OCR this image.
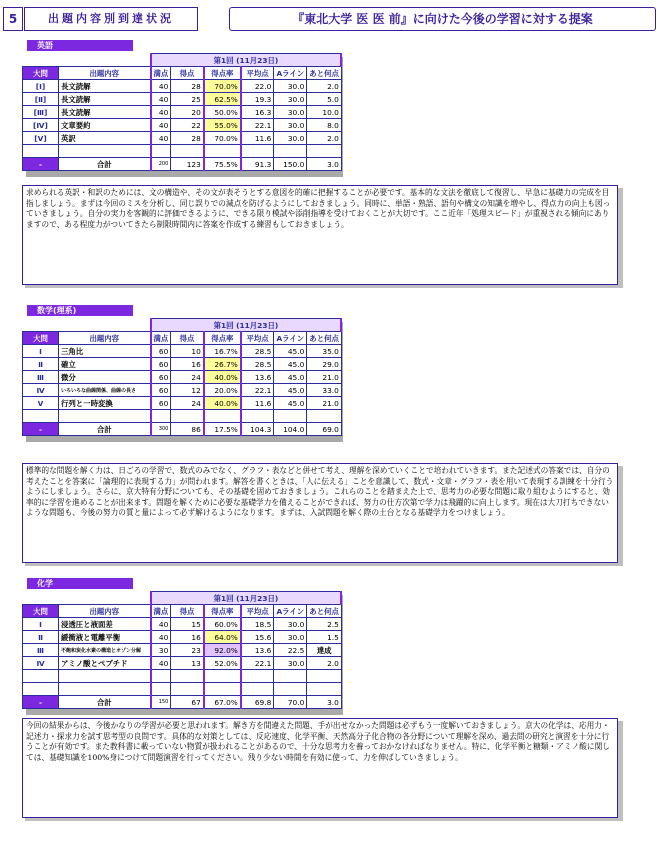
5	出題内容別到達状況	『東北大学 医 医 前』に向けた今後の学習に対する提案
英語
		第1回 (11月23日)					
大問	出題内容	満点	得点	得点率	平均点	Aライン	あと何点
[Ⅰ]	長文読解	40	28	70.0%	22.0	30.0	2.0
[Ⅱ]	長文読解	40	25	62.5%	19.3	30.0	5.0
[Ⅲ]	長文読解	40	20	50.0%	16.3	30.0	10.0
[Ⅳ]	文章要約	40	22	55.0%	22.1	30.0	8.0
[Ⅴ]	英訳	40	28	70.0%	11.6	30.0	2.0

-	合計	200	123	75.5%	91.3	150.0	3.0
求められる英訳・和訳のためには、文の構造や、その文が表そうとする意図を的確に把握することが必要です。基本的な文法を徹底して復習し、早急に基礎力の完成を目指しましょう。まずは今回のミスを分析し、同じ誤りでの減点を防げるようにしておきましょう。同時に、単語・熟語、語句や構文の知識を増やし、得点力の向上も図っていきましょう。自分の実力を客観的に評価できるように、できる限り模試や添削指導を受けておくことが大切です。ここ近年「処理スピード」が重視される傾向にありますので、ある程度力がついてきたら制限時間内に答案を作成する練習もしておきましょう。
数学(理系)
		第1回 (11月23日)					
大問	出題内容	満点	得点	得点率	平均点	Aライン	あと何点
Ⅰ	三角比	60	10	16.7%	28.5	45.0	35.0
Ⅱ	確立	60	16	26.7%	28.5	45.0	29.0
Ⅲ	微分	60	24	40.0%	13.6	45.0	21.0
Ⅳ	いろいろな曲線関係、曲線の長さ	60	12	20.0%	22.1	45.0	33.0
Ⅴ	行列と一時変換	60	24	40.0%	11.6	45.0	21.0

-	合計	300	86	17.5%	104.3	104.0	69.0
標準的な問題を解く力は、日ごろの学習で、数式のみでなく、グラフ・表などと併せて考え、理解を深めていくことで培われていきます。また記述式の答案では、自分の考えたことを答案に「論理的に表現する力」が問われます。解答を書くときは、「人に伝える」ことを意識して、数式・文章・グラフ・表を用いて表現する訓練を十分行うようにしましょう。さらに、京大特有分野についても、その基礎を固めておきましょう。これらのことを踏まえた上で、思考力の必要な問題に取り組むようにすると、効率的に学習を進めることが出来ます。問題を解くために必要な基礎学力を備えることができれば、努力の仕方次第で学力は飛躍的に向上します。現在は大刀打ちできないような問題も、今後の努力の質と量によって必ず解けるようになります。まずは、入試問題を解く際の土台となる基礎学力をつけましょう。
化学
		第1回 (11月23日)					
大問	出題内容	満点	得点	得点率	平均点	Aライン	あと何点
Ⅰ	浸透圧と液面差	40	15	60.0%	18.5	30.0	2.5
Ⅱ	緩衝液と電離平衡	40	16	64.0%	15.6	30.0	1.5
Ⅲ	不飽和炭化水素の構造とオゾン分解	30	23	92.0%	13.6	22.5	達成
Ⅳ	アミノ酸とペプチド	40	13	52.0%	22.1	30.0	2.0

-	合計	150	67	67.0%	69.8	70.0	3.0
今回の結果からは、今後かなりの学習が必要と思われます。解き方を間違えた問題、手が出せなかった問題は必ずもう一度解いておきましょう。京大の化学は、応用力・記述力・探求力を試す思考型の良問です。具体的な対策としては、反応速度、化学平衡、天然高分子化合物の各分野について理解を深め、過去問の研究と演習を十分に行うことが有効です。また教科書に載っていない物質が扱われることがあるので、十分な思考力を養っておかなければなりません。特に、化学平衡と糖類・アミノ酸に関しては、基礎知識を100%身につけて問題演習を行ってください。残り少ない時間を有効に使って、力を伸ばしていきましょう。
